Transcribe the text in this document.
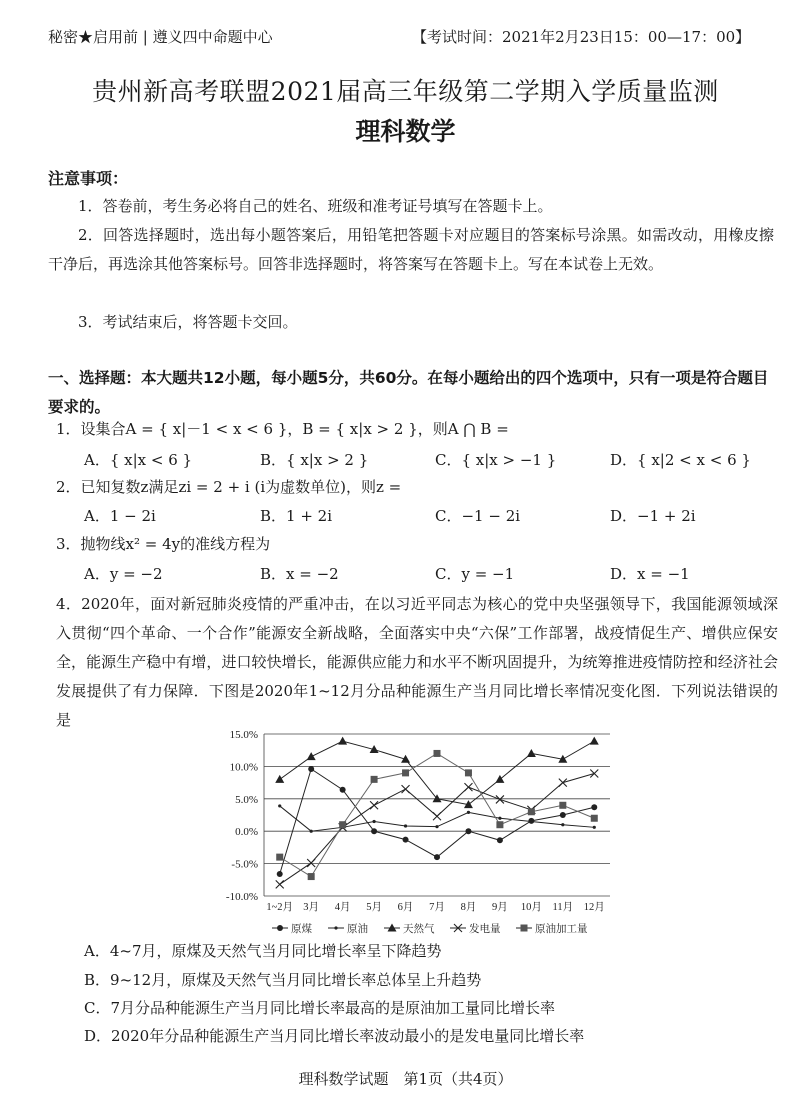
秘密★启用前 | 遵义四中命题中心	【考试时间：2021年2月23日15：00—17：00】
贵州新高考联盟2021届高三年级第二学期入学质量监测
理科数学
注意事项：
1．答卷前，考生务必将自己的姓名、班级和准考证号填写在答题卡上。
2．回答选择题时，选出每小题答案后，用铅笔把答题卡对应题目的答案标号涂黑。如需改动，用橡皮擦干净后，再选涂其他答案标号。回答非选择题时，将答案写在答题卡上。写在本试卷上无效。
3．考试结束后，将答题卡交回。
一、选择题：本大题共12小题，每小题5分，共60分。在每小题给出的四个选项中，只有一项是符合题目要求的。
1．设集合A = { x|－1 < x < 6 }，B = { x|x > 2 }，则A ⋂ B =
A．{ x|x < 6 }	B．{ x|x > 2 }	C．{ x|x > −1 }	D．{ x|2 < x < 6 }
2．已知复数z满足zi = 2 + i (i为虚数单位)，则z =
A．1 − 2i	B．1 + 2i	C．−1 − 2i	D．−1 + 2i
3．抛物线x² = 4y的准线方程为
A．y = −2	B．x = −2	C．y = −1	D．x = −1
4．2020年，面对新冠肺炎疫情的严重冲击，在以习近平同志为核心的党中央坚强领导下，我国能源领域深入贯彻“四个革命、一个合作”能源安全新战略，全面落实中央“六保”工作部署，战疫情促生产、增供应保安全，能源生产稳中有增，进口较快增长，能源供应能力和水平不断巩固提升，为统筹推进疫情防控和经济社会发展提供了有力保障．下图是2020年1~12月分品种能源生产当月同比增长率情况变化图．下列说法错误的是
15.0%
10.0%
5.0%
0.0%
-5.0%
-10.0%
1~2月 3月 4月 5月 6月 7月 8月 9月 10月 11月 12月
原煤	原油	天然气	发电量	原油加工量
A．4~7月，原煤及天然气当月同比增长率呈下降趋势
B．9~12月，原煤及天然气当月同比增长率总体呈上升趋势
C．7月分品种能源生产当月同比增长率最高的是原油加工量同比增长率
D．2020年分品种能源生产当月同比增长率波动最小的是发电量同比增长率
理科数学试题　第1页（共4页）
